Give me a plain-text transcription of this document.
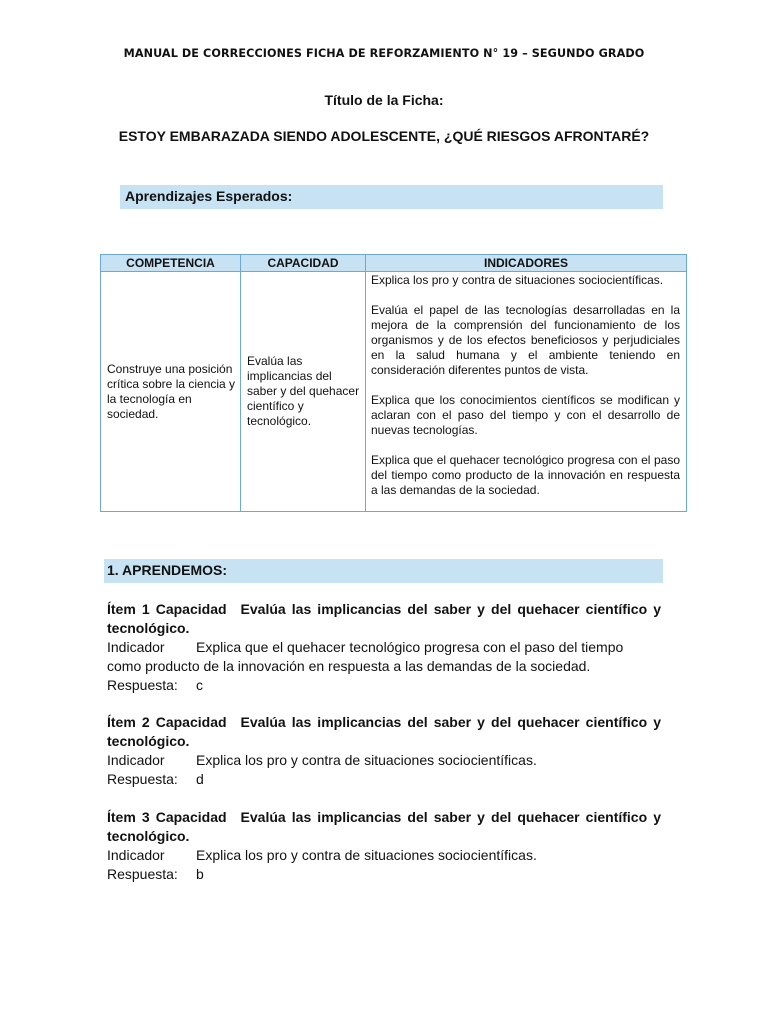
MANUAL DE CORRECCIONES FICHA DE REFORZAMIENTO N° 19 – SEGUNDO GRADO
Título de la Ficha:
ESTOY EMBARAZADA SIENDO ADOLESCENTE, ¿QUÉ RIESGOS AFRONTARÉ?
Aprendizajes Esperados:
COMPETENCIA	CAPACIDAD	INDICADORES
Construye una posición crítica sobre la ciencia y la tecnología en sociedad.	Evalúa las implicancias del saber y del quehacer científico y tecnológico.	Explica los pro y contra de situaciones sociocientíficas.

Evalúa el papel de las tecnologías desarrolladas en la mejora de la comprensión del funcionamiento de los organismos y de los efectos beneficiosos y perjudiciales en la salud humana y el ambiente teniendo en consideración diferentes puntos de vista.

Explica que los conocimientos científicos se modifican y aclaran con el paso del tiempo y con el desarrollo de nuevas tecnologías.

Explica que el quehacer tecnológico progresa con el paso del tiempo como producto de la innovación en respuesta a las demandas de la sociedad.

1. APRENDEMOS:
Ítem 1 Capacidad Evalúa las implicancias del saber y del quehacer científico y tecnológico.
Indicador	Explica que el quehacer tecnológico progresa con el paso del tiempo como producto de la innovación en respuesta a las demandas de la sociedad.
Respuesta:	c
Ítem 2 Capacidad Evalúa las implicancias del saber y del quehacer científico y tecnológico.
Indicador	Explica los pro y contra de situaciones sociocientíficas.
Respuesta:	d
Ítem 3 Capacidad Evalúa las implicancias del saber y del quehacer científico y tecnológico.
Indicador	Explica los pro y contra de situaciones sociocientíficas.
Respuesta:	b
